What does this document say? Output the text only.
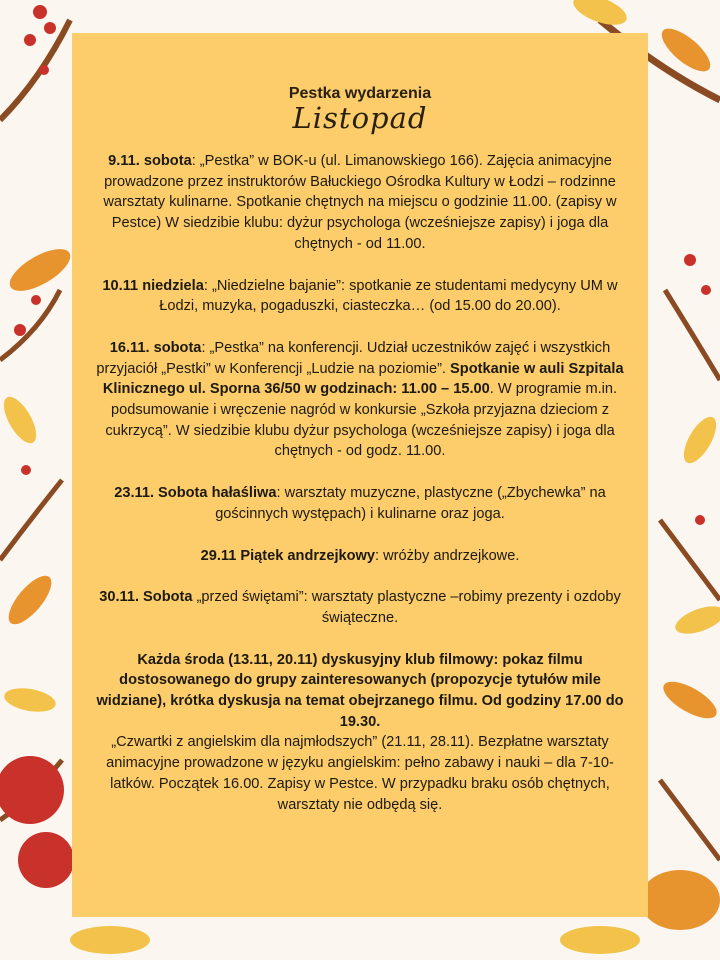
Pestka wydarzenia

Listopad

9.11. sobota: „Pestka” w BOK-u (ul. Limanowskiego 166). Zajęcia animacyjne prowadzone przez instruktorów Bałuckiego Ośrodka Kultury w Łodzi – rodzinne warsztaty kulinarne. Spotkanie chętnych na miejscu o godzinie 11.00. (zapisy w Pestce) W siedzibie klubu: dyżur psychologa (wcześniejsze zapisy) i joga dla chętnych - od 11.00.

10.11 niedziela: „Niedzielne bajanie”: spotkanie ze studentami medycyny UM w Łodzi, muzyka, pogaduszki, ciasteczka… (od 15.00 do 20.00).

16.11. sobota: „Pestka” na konferencji. Udział uczestników zajęć i wszystkich przyjaciół „Pestki” w Konferencji „Ludzie na poziomie”. Spotkanie w auli Szpitala Klinicznego ul. Sporna 36/50 w godzinach: 11.00 – 15.00. W programie m.in. podsumowanie i wręczenie nagród w konkursie „Szkoła przyjazna dzieciom z cukrzycą”. W siedzibie klubu dyżur psychologa (wcześniejsze zapisy) i joga dla chętnych - od godz. 11.00.

23.11. Sobota hałaśliwa: warsztaty muzyczne, plastyczne („Zbychewka” na gościnnych występach) i kulinarne oraz joga.

29.11 Piątek andrzejkowy: wróżby andrzejkowe.

30.11. Sobota „przed świętami”: warsztaty plastyczne –robimy prezenty i ozdoby świąteczne.

Każda środa (13.11, 20.11) dyskusyjny klub filmowy: pokaz filmu dostosowanego do grupy zainteresowanych (propozycje tytułów mile widziane), krótka dyskusja na temat obejrzanego filmu. Od godziny 17.00 do 19.30.
„Czwartki z angielskim dla najmłodszych” (21.11, 28.11). Bezpłatne warsztaty animacyjne prowadzone w języku angielskim: pełno zabawy i nauki – dla 7-10-latków. Początek 16.00. Zapisy w Pestce. W przypadku braku osób chętnych, warsztaty nie odbędą się.
